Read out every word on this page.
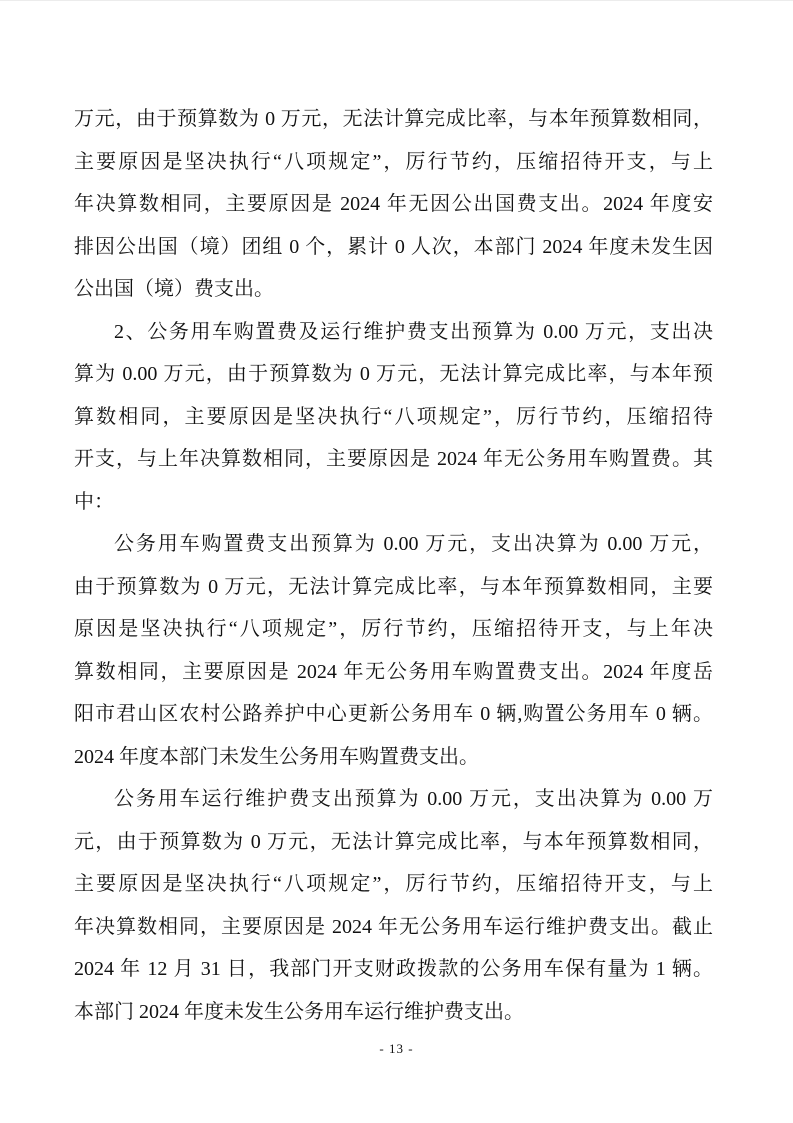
万元，由于预算数为 0 万元，无法计算完成比率，与本年预算数相同，
主要原因是坚决执行“八项规定”，厉行节约，压缩招待开支，与上
年决算数相同，主要原因是 2024 年无因公出国费支出。2024 年度安
排因公出国（境）团组 0 个，累计 0 人次，本部门 2024 年度未发生因
公出国（境）费支出。
2、公务用车购置费及运行维护费支出预算为 0.00 万元，支出决
算为 0.00 万元，由于预算数为 0 万元，无法计算完成比率，与本年预
算数相同，主要原因是坚决执行“八项规定”，厉行节约，压缩招待
开支，与上年决算数相同，主要原因是 2024 年无公务用车购置费。其
中：
公务用车购置费支出预算为 0.00 万元，支出决算为 0.00 万元，
由于预算数为 0 万元，无法计算完成比率，与本年预算数相同，主要
原因是坚决执行“八项规定”，厉行节约，压缩招待开支，与上年决
算数相同，主要原因是 2024 年无公务用车购置费支出。2024 年度岳
阳市君山区农村公路养护中心更新公务用车 0 辆,购置公务用车 0 辆。
2024 年度本部门未发生公务用车购置费支出。
公务用车运行维护费支出预算为 0.00 万元，支出决算为 0.00 万
元，由于预算数为 0 万元，无法计算完成比率，与本年预算数相同，
主要原因是坚决执行“八项规定”，厉行节约，压缩招待开支，与上
年决算数相同，主要原因是 2024 年无公务用车运行维护费支出。截止
2024 年 12 月 31 日，我部门开支财政拨款的公务用车保有量为 1 辆。
本部门 2024 年度未发生公务用车运行维护费支出。
- 13 -
